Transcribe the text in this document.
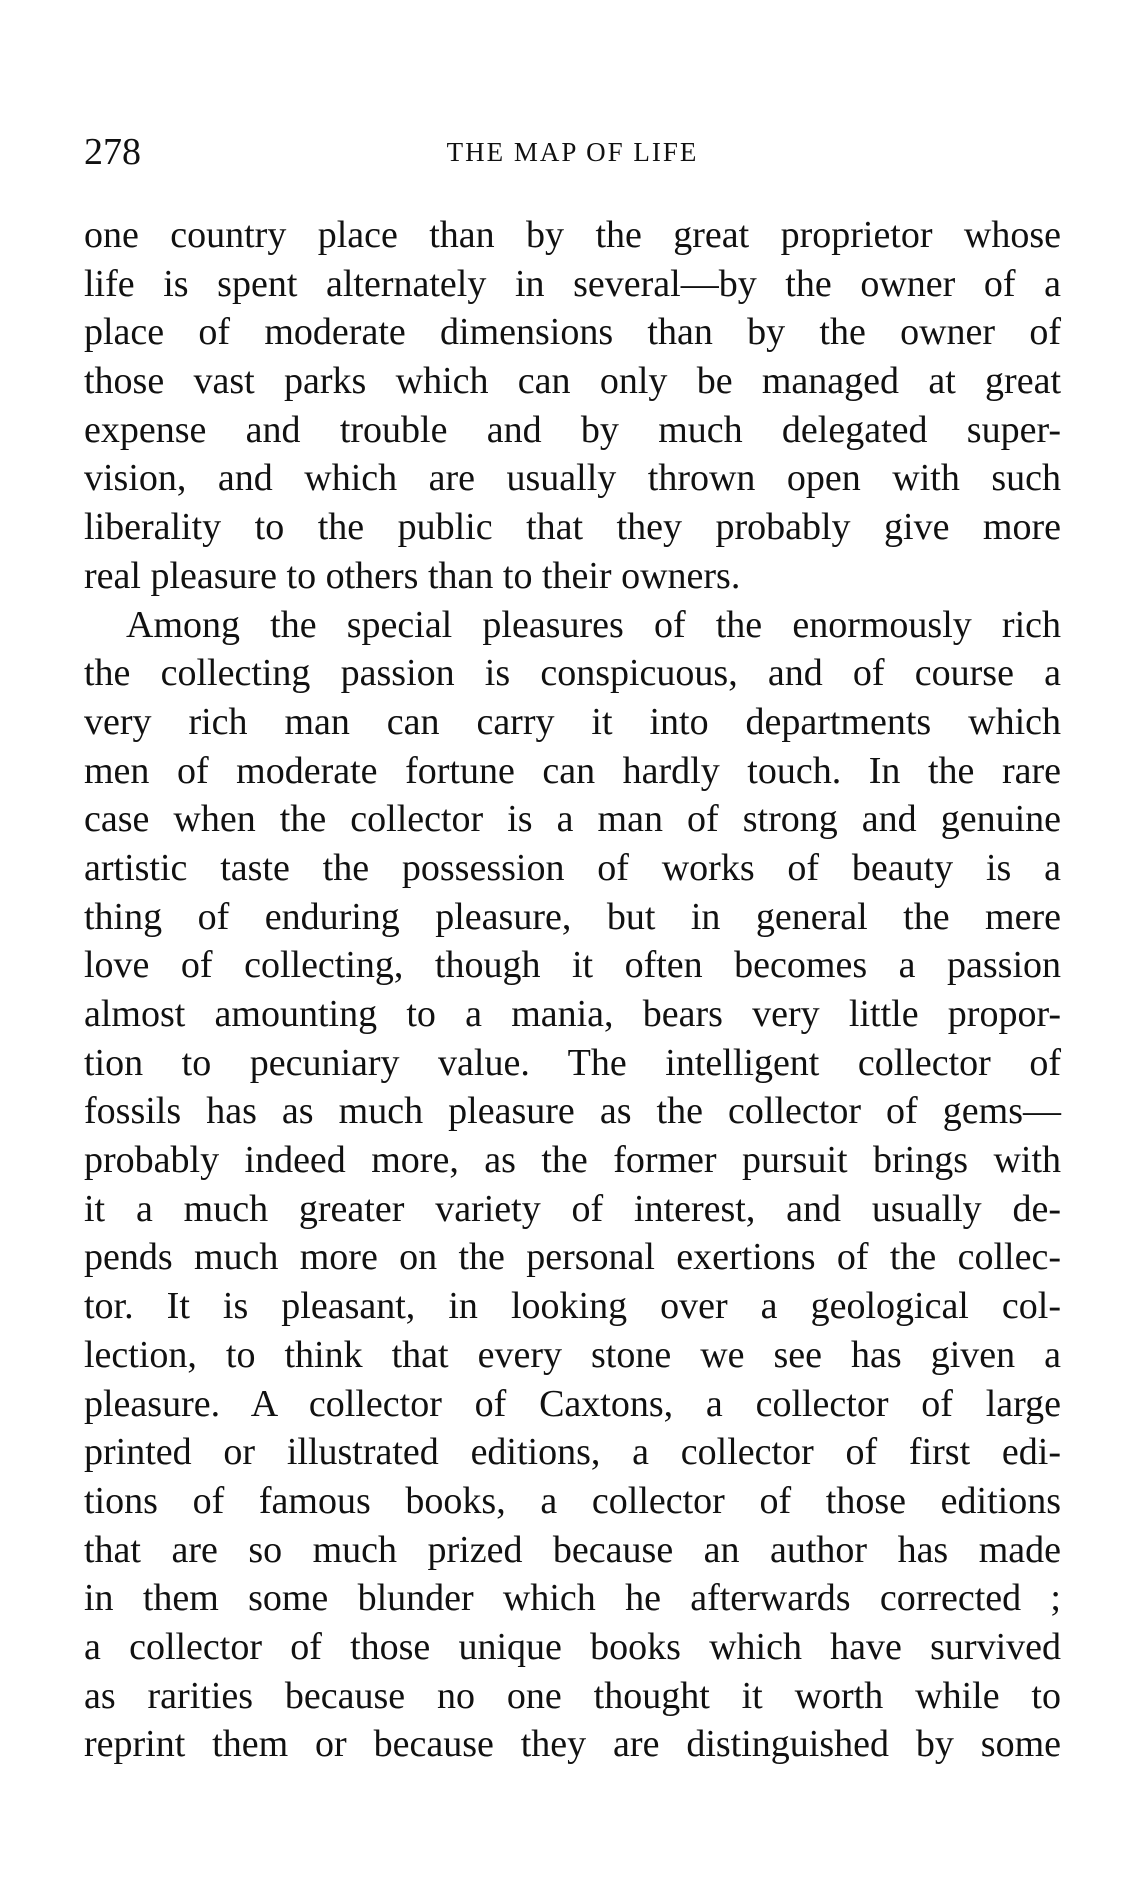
278	THE MAP OF LIFE
one country place than by the great proprietor whose
life is spent alternately in several—by the owner of a
place of moderate dimensions than by the owner of
those vast parks which can only be managed at great
expense and trouble and by much delegated super-
vision, and which are usually thrown open with such
liberality to the public that they probably give more
real pleasure to others than to their owners.
Among the special pleasures of the enormously rich
the collecting passion is conspicuous, and of course a
very rich man can carry it into departments which
men of moderate fortune can hardly touch. In the rare
case when the collector is a man of strong and genuine
artistic taste the possession of works of beauty is a
thing of enduring pleasure, but in general the mere
love of collecting, though it often becomes a passion
almost amounting to a mania, bears very little propor-
tion to pecuniary value. The intelligent collector of
fossils has as much pleasure as the collector of gems—
probably indeed more, as the former pursuit brings with
it a much greater variety of interest, and usually de-
pends much more on the personal exertions of the collec-
tor. It is pleasant, in looking over a geological col-
lection, to think that every stone we see has given a
pleasure. A collector of Caxtons, a collector of large
printed or illustrated editions, a collector of first edi-
tions of famous books, a collector of those editions
that are so much prized because an author has made
in them some blunder which he afterwards corrected ;
a collector of those unique books which have survived
as rarities because no one thought it worth while to
reprint them or because they are distinguished by some
